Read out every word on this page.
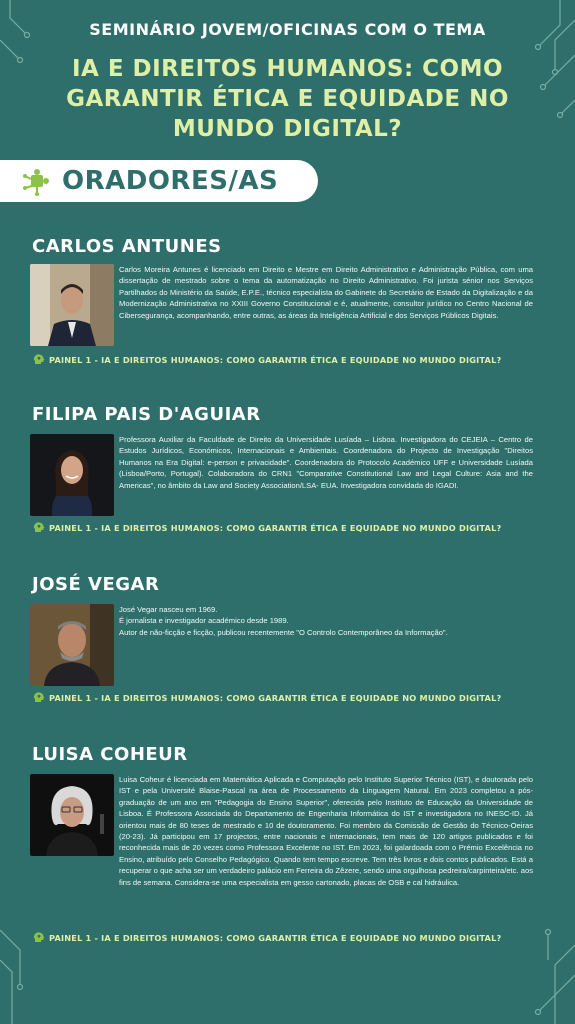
SEMINÁRIO JOVEM/OFICINAS COM O TEMA
IA E DIREITOS HUMANOS: COMO GARANTIR ÉTICA E EQUIDADE NO MUNDO DIGITAL?
ORADORES/AS
CARLOS ANTUNES
Carlos Moreira Antunes é licenciado em Direito e Mestre em Direito Administrativo e Administração Pública, com uma dissertação de mestrado sobre o tema da automatização no Direito Administrativo. Foi jurista sénior nos Serviços Partilhados do Ministério da Saúde, E.P.E., técnico especialista do Gabinete do Secretário de Estado da Digitalização e da Modernização Administrativa no XXIII Governo Constitucional e é, atualmente, consultor jurídico no Centro Nacional de Cibersegurança, acompanhando, entre outras, as áreas da Inteligência Artificial e dos Serviços Públicos Digitais.
PAINEL 1 - IA E DIREITOS HUMANOS: COMO GARANTIR ÉTICA E EQUIDADE NO MUNDO DIGITAL?
FILIPA PAIS D'AGUIAR
Professora Auxiliar da Faculdade de Direito da Universidade Lusíada – Lisboa. Investigadora do CEJEIA – Centro de Estudos Jurídicos, Económicos, Internacionais e Ambientais. Coordenadora do Projecto de Investigação "Direitos Humanos na Era Digital: e-person e privacidade". Coordenadora do Protocolo Académico UFF e Universidade Lusíada (Lisboa/Porto, Portugal). Colaboradora do CRN1 "Comparative Constitutional Law and Legal Culture: Asia and the Americas", no âmbito da Law and Society Association/LSA- EUA. Investigadora convidada do IGADI.
PAINEL 1 - IA E DIREITOS HUMANOS: COMO GARANTIR ÉTICA E EQUIDADE NO MUNDO DIGITAL?
JOSÉ VEGAR

José Vegar nasceu em 1969.

É jornalista e investigador académico desde 1989.

Autor de não-ficção e ficção, publicou recentemente "O Controlo Contemporâneo da Informação".

PAINEL 1 - IA E DIREITOS HUMANOS: COMO GARANTIR ÉTICA E EQUIDADE NO MUNDO DIGITAL?
LUISA COHEUR
Luisa Coheur é licenciada em Matemática Aplicada e Computação pelo Instituto Superior Técnico (IST), e doutorada pelo IST e pela Université Blaise-Pascal na área de Processamento da Linguagem Natural. Em 2023 completou a pós-graduação de um ano em "Pedagogia do Ensino Superior", oferecida pelo Instituto de Educação da Universidade de Lisboa. É Professora Associada do Departamento de Engenharia Informática do IST e investigadora no INESC-ID. Já orientou mais de 80 teses de mestrado e 10 de doutoramento. Foi membro da Comissão de Gestão do Técnico-Oeiras (20-23). Já participou em 17 projectos, entre nacionais e internacionais, tem mais de 120 artigos publicados e foi reconhecida mais de 20 vezes como Professora Excelente no IST. Em 2023, foi galardoada com o Prémio Excelência no Ensino, atribuído pelo Conselho Pedagógico. Quando tem tempo escreve. Tem três livros e dois contos publicados. Está a recuperar o que acha ser um verdadeiro palácio em Ferreira do Zêzere, sendo uma orgulhosa pedreira/carpinteira/etc. aos fins de semana. Considera-se uma especialista em gesso cartonado, placas de OSB e cal hidráulica.
PAINEL 1 - IA E DIREITOS HUMANOS: COMO GARANTIR ÉTICA E EQUIDADE NO MUNDO DIGITAL?
